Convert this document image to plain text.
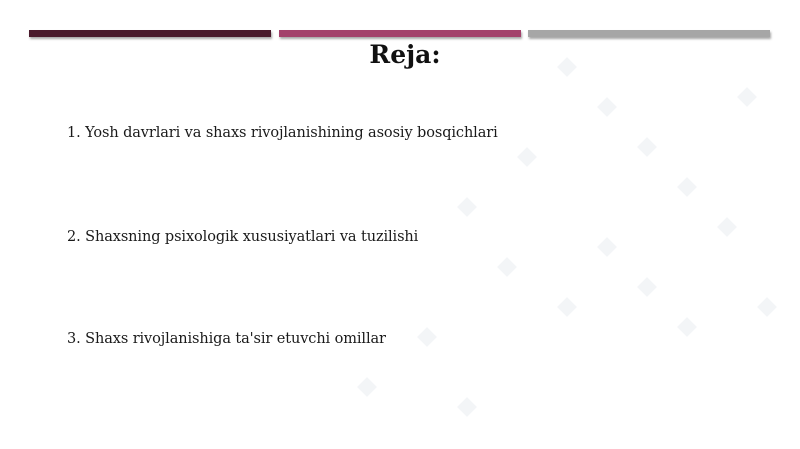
Reja:
1. Yosh davrlari va shaxs rivojlanishining asosiy bosqichlari
2. Shaxsning psixologik xususiyatlari va tuzilishi
3. Shaxs rivojlanishiga ta'sir etuvchi omillar
